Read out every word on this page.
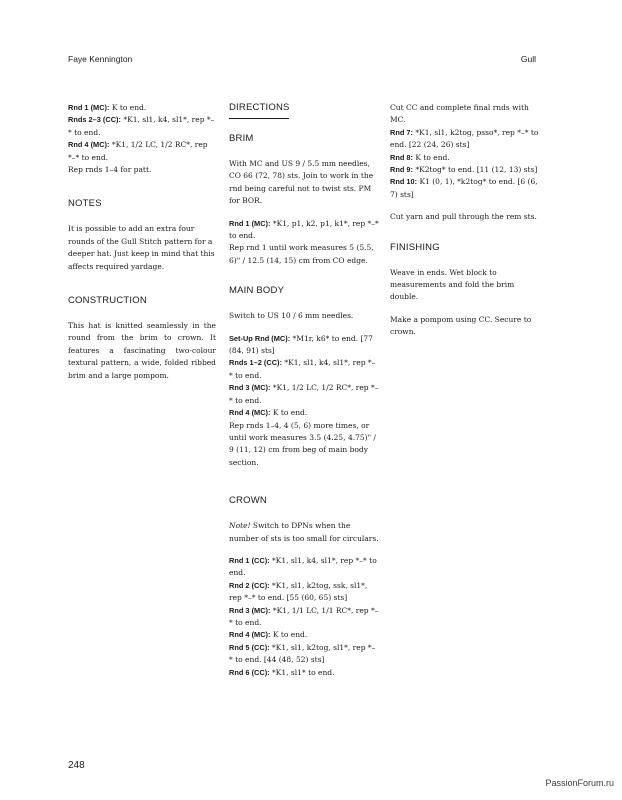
Faye Kennington	Gull

Rnd 1 (MC): K to end.
Rnds 2–3 (CC): *K1, sl1, k4, sl1*, rep *–* to end.
Rnd 4 (MC): *K1, 1/2 LC, 1/2 RC*, rep *–* to end.
Rep rnds 1–4 for patt.

NOTES

It is possible to add an extra four rounds of the Gull Stitch pattern for a deeper hat. Just keep in mind that this affects required yardage.

CONSTRUCTION

This hat is knitted seamlessly in the round from the brim to crown. It features a fascinating two-colour textural pattern, a wide, folded ribbed brim and a large pompom.

DIRECTIONS
BRIM

With MC and US 9 / 5.5 mm needles, CO 66 (72, 78) sts. Join to work in the rnd being careful not to twist sts. PM for BOR.

Rnd 1 (MC): *K1, p1, k2, p1, k1*, rep *–* to end.
Rep rnd 1 until work measures 5 (5.5, 6)" / 12.5 (14, 15) cm from CO edge.

MAIN BODY

Switch to US 10 / 6 mm needles.

Set-Up Rnd (MC): *M1r, k6* to end. [77 (84, 91) sts]
Rnds 1–2 (CC): *K1, sl1, k4, sl1*, rep *–* to end.
Rnd 3 (MC): *K1, 1/2 LC, 1/2 RC*, rep *–* to end.
Rnd 4 (MC): K to end.
Rep rnds 1–4, 4 (5, 6) more times, or until work measures 3.5 (4.25, 4.75)" / 9 (11, 12) cm from beg of main body section.

CROWN

Note! Switch to DPNs when the number of sts is too small for circulars.

Rnd 1 (CC): *K1, sl1, k4, sl1*, rep *–* to end.
Rnd 2 (CC): *K1, sl1, k2tog, ssk, sl1*, rep *–* to end. [55 (60, 65) sts]
Rnd 3 (MC): *K1, 1/1 LC, 1/1 RC*, rep *–* to end.
Rnd 4 (MC): K to end.
Rnd 5 (CC): *K1, sl1, k2tog, sl1*, rep *–* to end. [44 (48, 52) sts]
Rnd 6 (CC): *K1, sl1* to end.

Cut CC and complete final rnds with MC.
Rnd 7: *K1, sl1, k2tog, psso*, rep *–* to end. [22 (24, 26) sts]
Rnd 8: K to end.
Rnd 9: *K2tog* to end. [11 (12, 13) sts]
Rnd 10: K1 (0, 1), *k2tog* to end. [6 (6, 7) sts]

Cut yarn and pull through the rem sts.

FINISHING

Weave in ends. Wet block to measurements and fold the brim double.

Make a pompom using CC. Secure to crown.

248
PassionForum.ru
